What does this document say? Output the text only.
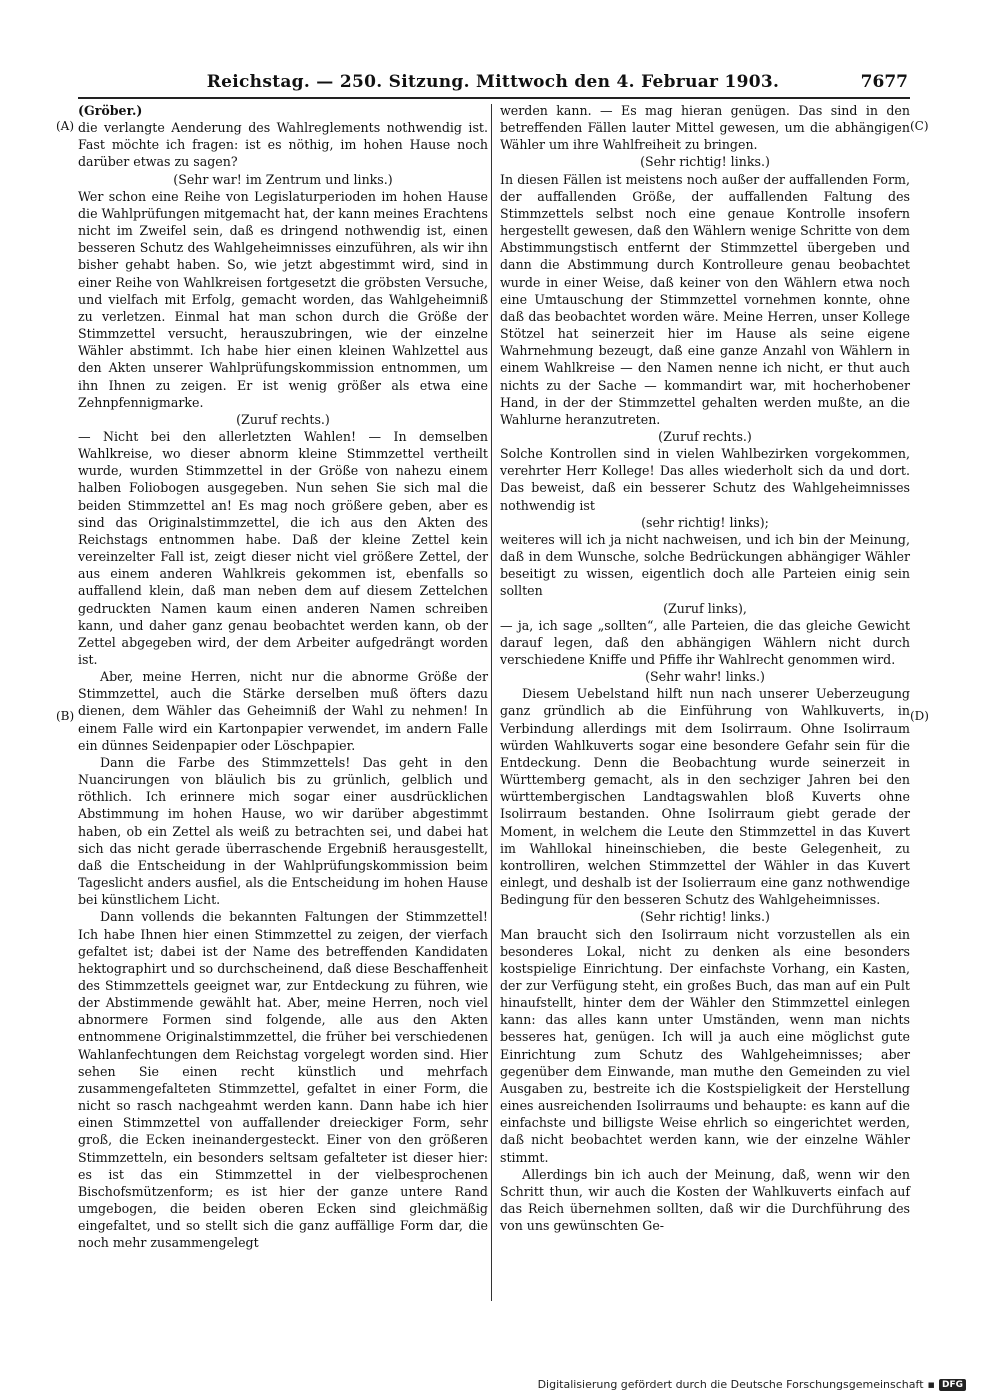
Reichstag. — 250. Sitzung. Mittwoch den 4. Februar 1903.	7677
(A)
(B)
(C)
(D)

(Gröber.)

die verlangte Aenderung des Wahlreglements nothwendig ist. Fast möchte ich fragen: ist es nöthig, im hohen Hause noch darüber etwas zu sagen?

(Sehr war! im Zentrum und links.)

Wer schon eine Reihe von Legislaturperioden im hohen Hause die Wahlprüfungen mitgemacht hat, der kann meines Erachtens nicht im Zweifel sein, daß es dringend nothwendig ist, einen besseren Schutz des Wahlgeheimnisses einzuführen, als wir ihn bisher gehabt haben. So, wie jetzt abgestimmt wird, sind in einer Reihe von Wahlkreisen fortgesetzt die gröbsten Versuche, und vielfach mit Erfolg, gemacht worden, das Wahlgeheimniß zu verletzen. Einmal hat man schon durch die Größe der Stimmzettel versucht, herauszubringen, wie der einzelne Wähler abstimmt. Ich habe hier einen kleinen Wahlzettel aus den Akten unserer Wahlprüfungskommission entnommen, um ihn Ihnen zu zeigen. Er ist wenig größer als etwa eine Zehnpfennigmarke.

(Zuruf rechts.)

— Nicht bei den allerletzten Wahlen! — In demselben Wahlkreise, wo dieser abnorm kleine Stimmzettel vertheilt wurde, wurden Stimmzettel in der Größe von nahezu einem halben Foliobogen ausgegeben. Nun sehen Sie sich mal die beiden Stimmzettel an! Es mag noch größere geben, aber es sind das Originalstimmzettel, die ich aus den Akten des Reichstags entnommen habe. Daß der kleine Zettel kein vereinzelter Fall ist, zeigt dieser nicht viel größere Zettel, der aus einem anderen Wahlkreis gekommen ist, ebenfalls so auffallend klein, daß man neben dem auf diesem Zettelchen gedruckten Namen kaum einen anderen Namen schreiben kann, und daher ganz genau beobachtet werden kann, ob der Zettel abgegeben wird, der dem Arbeiter aufgedrängt worden ist.

Aber, meine Herren, nicht nur die abnorme Größe der Stimmzettel, auch die Stärke derselben muß öfters dazu dienen, dem Wähler das Geheimniß der Wahl zu nehmen! In einem Falle wird ein Kartonpapier verwendet, im andern Falle ein dünnes Seidenpapier oder Löschpapier.

Dann die Farbe des Stimmzettels! Das geht in den Nuancirungen von bläulich bis zu grünlich, gelblich und röthlich. Ich erinnere mich sogar einer ausdrücklichen Abstimmung im hohen Hause, wo wir darüber abgestimmt haben, ob ein Zettel als weiß zu betrachten sei, und dabei hat sich das nicht gerade überraschende Ergebniß herausgestellt, daß die Entscheidung in der Wahlprüfungskommission beim Tageslicht anders ausfiel, als die Entscheidung im hohen Hause bei künstlichem Licht.

Dann vollends die bekannten Faltungen der Stimmzettel! Ich habe Ihnen hier einen Stimmzettel zu zeigen, der vierfach gefaltet ist; dabei ist der Name des betreffenden Kandidaten hektographirt und so durchscheinend, daß diese Beschaffenheit des Stimmzettels geeignet war, zur Entdeckung zu führen, wie der Abstimmende gewählt hat. Aber, meine Herren, noch viel abnormere Formen sind folgende, alle aus den Akten entnommene Originalstimmzettel, die früher bei verschiedenen Wahlanfechtungen dem Reichstag vorgelegt worden sind. Hier sehen Sie einen recht künstlich und mehrfach zusammengefalteten Stimmzettel, gefaltet in einer Form, die nicht so rasch nachgeahmt werden kann. Dann habe ich hier einen Stimmzettel von auffallender dreieckiger Form, sehr groß, die Ecken ineinandergesteckt. Einer von den größeren Stimmzetteln, ein besonders seltsam gefalteter ist dieser hier: es ist das ein Stimmzettel in der vielbesprochenen Bischofsmützenform; es ist hier der ganze untere Rand umgebogen, die beiden oberen Ecken sind gleichmäßig eingefaltet, und so stellt sich die ganz auffällige Form dar, die noch mehr zusammengelegt

werden kann. — Es mag hieran genügen. Das sind in den betreffenden Fällen lauter Mittel gewesen, um die abhängigen Wähler um ihre Wahlfreiheit zu bringen.

(Sehr richtig! links.)

In diesen Fällen ist meistens noch außer der auffallenden Form, der auffallenden Größe, der auffallenden Faltung des Stimmzettels selbst noch eine genaue Kontrolle insofern hergestellt gewesen, daß den Wählern wenige Schritte von dem Abstimmungstisch entfernt der Stimmzettel übergeben und dann die Abstimmung durch Kontrolleure genau beobachtet wurde in einer Weise, daß keiner von den Wählern etwa noch eine Umtauschung der Stimmzettel vornehmen konnte, ohne daß das beobachtet worden wäre. Meine Herren, unser Kollege Stötzel hat seinerzeit hier im Hause als seine eigene Wahrnehmung bezeugt, daß eine ganze Anzahl von Wählern in einem Wahlkreise — den Namen nenne ich nicht, er thut auch nichts zu der Sache — kommandirt war, mit hocherhobener Hand, in der der Stimmzettel gehalten werden mußte, an die Wahlurne heranzutreten.

(Zuruf rechts.)

Solche Kontrollen sind in vielen Wahlbezirken vorgekommen, verehrter Herr Kollege! Das alles wiederholt sich da und dort. Das beweist, daß ein besserer Schutz des Wahlgeheimnisses nothwendig ist

(sehr richtig! links);

weiteres will ich ja nicht nachweisen, und ich bin der Meinung, daß in dem Wunsche, solche Bedrückungen abhängiger Wähler beseitigt zu wissen, eigentlich doch alle Parteien einig sein sollten

(Zuruf links),

— ja, ich sage „sollten“, alle Parteien, die das gleiche Gewicht darauf legen, daß den abhängigen Wählern nicht durch verschiedene Kniffe und Pfiffe ihr Wahlrecht genommen wird.

(Sehr wahr! links.)

Diesem Uebelstand hilft nun nach unserer Ueberzeugung ganz gründlich ab die Einführung von Wahlkuverts, in Verbindung allerdings mit dem Isolirraum. Ohne Isolirraum würden Wahlkuverts sogar eine besondere Gefahr sein für die Entdeckung. Denn die Beobachtung wurde seinerzeit in Württemberg gemacht, als in den sechziger Jahren bei den württembergischen Landtagswahlen bloß Kuverts ohne Isolirraum bestanden. Ohne Isolirraum giebt gerade der Moment, in welchem die Leute den Stimmzettel in das Kuvert im Wahllokal hineinschieben, die beste Gelegenheit, zu kontrolliren, welchen Stimmzettel der Wähler in das Kuvert einlegt, und deshalb ist der Isolierraum eine ganz nothwendige Bedingung für den besseren Schutz des Wahlgeheimnisses.

(Sehr richtig! links.)

Man braucht sich den Isolirraum nicht vorzustellen als ein besonderes Lokal, nicht zu denken als eine besonders kostspielige Einrichtung. Der einfachste Vorhang, ein Kasten, der zur Verfügung steht, ein großes Buch, das man auf ein Pult hinaufstellt, hinter dem der Wähler den Stimmzettel einlegen kann: das alles kann unter Umständen, wenn man nichts besseres hat, genügen. Ich will ja auch eine möglichst gute Einrichtung zum Schutz des Wahlgeheimnisses; aber gegenüber dem Einwande, man muthe den Gemeinden zu viel Ausgaben zu, bestreite ich die Kostspieligkeit der Herstellung eines ausreichenden Isolirraums und behaupte: es kann auf die einfachste und billigste Weise ehrlich so eingerichtet werden, daß nicht beobachtet werden kann, wie der einzelne Wähler stimmt.

Allerdings bin ich auch der Meinung, daß, wenn wir den Schritt thun, wir auch die Kosten der Wahlkuverts einfach auf das Reich übernehmen sollten, daß wir die Durchführung des von uns gewünschten Ge-

Digitalisierung gefördert durch die Deutsche Forschungsgemeinschaft ▪ DFG
